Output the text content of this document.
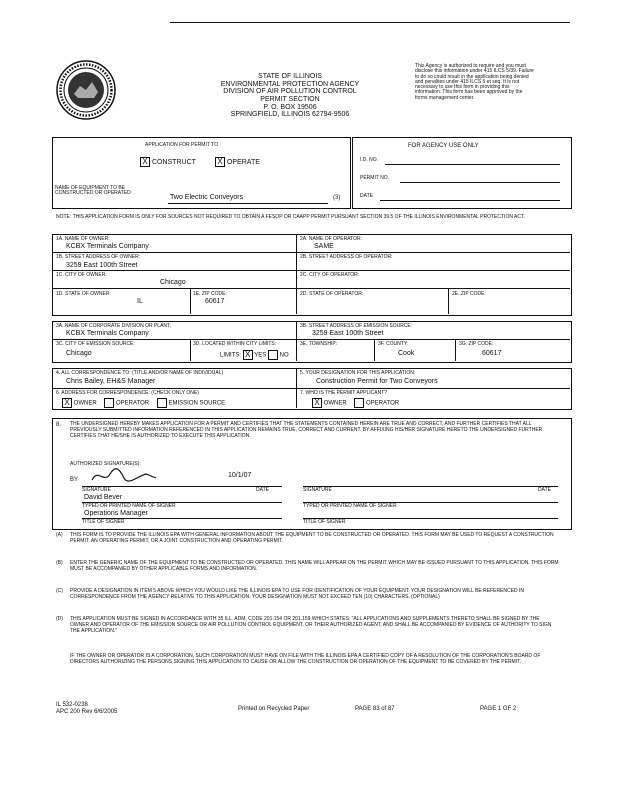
STATE OF ILLINOIS
ENVIRONMENTAL PROTECTION AGENCY
DIVISION OF AIR POLLUTION CONTROL
PERMIT SECTION
P. O. BOX 19506
SPRINGFIELD, ILLINOIS 62794-9506
This Agency is authorized to require and you must disclose this information under 415 ILCS 5/39. Failure to do so could result in the application being denied and penalties under 415 ILCS 5 et seq. It is not necessary to use this form in providing this information. This form has been approved by the forms management center.
APPLICATION FOR PERMIT TO
X CONSTRUCT	X OPERATE
NAME OF EQUIPMENT TO BE
CONSTRUCTED OR OPERATED
Two Electric Conveyors	(3)
FOR AGENCY USE ONLY
I.D. NO.
PERMIT NO.
DATE
NOTE: THIS APPLICATION FORM IS ONLY FOR SOURCES NOT REQUIRED TO OBTAIN A FESOP OR CAAPP PERMIT PURSUANT SECTION 39.5 OF THE ILLINOIS ENVIRONMENTAL PROTECTION ACT.
1A. NAME OF OWNER:
KCBX Terminals Company
1B. STREET ADDRESS OF OWNER:
3259 East 100th Street
1C. CITY OF OWNER:
Chicago
1D. STATE OF OWNER:
IL
1E. ZIP CODE:
60617
2A. NAME OF OPERATOR:
SAME
2B. STREET ADDRESS OF OPERATOR:
2C. CITY OF OPERATOR:
2D. STATE OF OPERATOR:	2E. ZIP CODE:
3A. NAME OF CORPORATE DIVISION OR PLANT:
KCBX Terminals Company
3B. STREET ADDRESS OF EMISSION SOURCE:
3259 East 100th Street
3C. CITY OF EMISSION SOURCE:
Chicago
3D. LOCATED WITHIN CITY LIMITS:
LIMITS: X YES NO
3E. TOWNSHIP:	3F. COUNTY:
Cook
3G. ZIP CODE:
60617
4. ALL CORRESPONDENCE TO: (TITLE AND/OR NAME OF INDIVIDUAL)
Chris Bailey, EH&S Manager
5. YOUR DESIGNATION FOR THIS APPLICATION:
Construction Permit for Two Conveyors
6. ADDRESS FOR CORRESPONDENCE: (CHECK ONLY ONE)
X OWNER	OPERATOR	EMISSION SOURCE
7. WHO IS THE PERMIT APPLICANT?
X OWNER	OPERATOR
8. THE UNDERSIGNED HEREBY MAKES APPLICATION FOR A PERMIT AND CERTIFIES THAT THE STATEMENTS CONTAINED HEREIN ARE TRUE AND CORRECT, AND FURTHER CERTIFIES THAT ALL PREVIOUSLY SUBMITTED INFORMATION REFERENCED IN THIS APPLICATION REMAINS TRUE, CORRECT AND CURRENT. BY AFFIXING HIS/HER SIGNATURE HERETO THE UNDERSIGNED FURTHER CERTIFIES THAT HE/SHE IS AUTHORIZED TO EXECUTE THIS APPLICATION.
AUTHORIZED SIGNATURE(S):
BY
10/1/07
SIGNATURE	DATE	SIGNATURE	DATE
David Bever
TYPED OR PRINTED NAME OF SIGNER	TYPED OR PRINTED NAME OF SIGNER
Operations Manager
TITLE OF SIGNER	TITLE OF SIGNER
(A) THIS FORM IS TO PROVIDE THE ILLINOIS EPA WITH GENERAL INFORMATION ABOUT THE EQUIPMENT TO BE CONSTRUCTED OR OPERATED. THIS FORM MAY BE USED TO REQUEST A CONSTRUCTION PERMIT, AN OPERATING PERMIT, OR A JOINT CONSTRUCTION AND OPERATING PERMIT.
(B) ENTER THE GENERIC NAME OF THE EQUIPMENT TO BE CONSTRUCTED OR OPERATED. THIS NAME WILL APPEAR ON THE PERMIT WHICH MAY BE ISSUED PURSUANT TO THIS APPLICATION. THIS FORM MUST BE ACCOMPANIED BY OTHER APPLICABLE FORMS AND INFORMATION.
(C) PROVIDE A DESIGNATION IN ITEM 5 ABOVE WHICH YOU WOULD LIKE THE ILLINOIS EPA TO USE FOR IDENTIFICATION OF YOUR EQUIPMENT. YOUR DESIGNATION WILL BE REFERENCED IN CORRESPONDENCE FROM THE AGENCY RELATIVE TO THIS APPLICATION. YOUR DESIGNATION MUST NOT EXCEED TEN (10) CHARACTERS. (OPTIONAL)
(D) THIS APPLICATION MUST BE SIGNED IN ACCORDANCE WITH 35 ILL. ADM. CODE 201.154 OR 201.159 WHICH STATES: "ALL APPLICATIONS AND SUPPLEMENTS THERETO SHALL BE SIGNED BY THE OWNER AND OPERATOR OF THE EMISSION SOURCE OR AIR POLLUTION CONTROL EQUIPMENT, OR THEIR AUTHORIZED AGENT, AND SHALL BE ACCOMPANIED BY EVIDENCE OF AUTHORITY TO SIGN THE APPLICATION."
IF THE OWNER OR OPERATOR IS A CORPORATION, SUCH CORPORATION MUST HAVE ON FILE WITH THE ILLINOIS EPA A CERTIFIED COPY OF A RESOLUTION OF THE CORPORATION'S BOARD OF DIRECTORS AUTHORIZING THE PERSONS SIGNING THIS APPLICATION TO CAUSE OR ALLOW THE CONSTRUCTION OR OPERATION OF THE EQUIPMENT TO BE COVERED BY THE PERMIT.
IL 532-0238
APC 200 Rev 6/6/2005	Printed on Recycled Paper	PAGE 83 of 87	PAGE 1 OF 2
